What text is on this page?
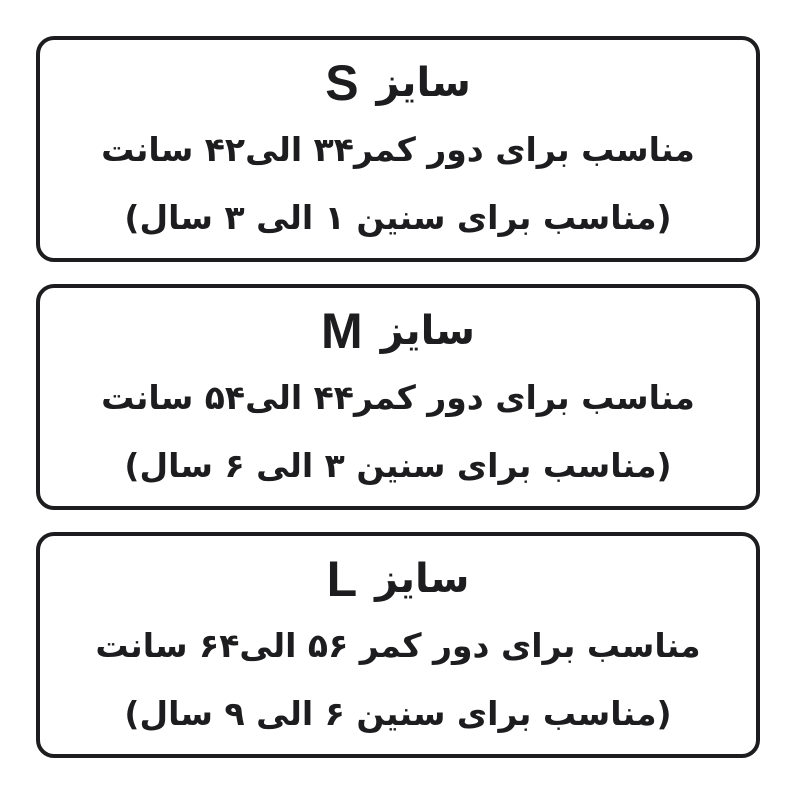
سایز
S
مناسب برای دور کمر۳۴ الی۴۲ سانت
(مناسب برای سنین ۱ الی ۳ سال)
سایز
M
مناسب برای دور کمر۴۴ الی۵۴ سانت
(مناسب برای سنین ۳ الی ۶ سال)
سایز
L
مناسب برای دور کمر ۵۶ الی۶۴ سانت
(مناسب برای سنین ۶ الی ۹ سال)
